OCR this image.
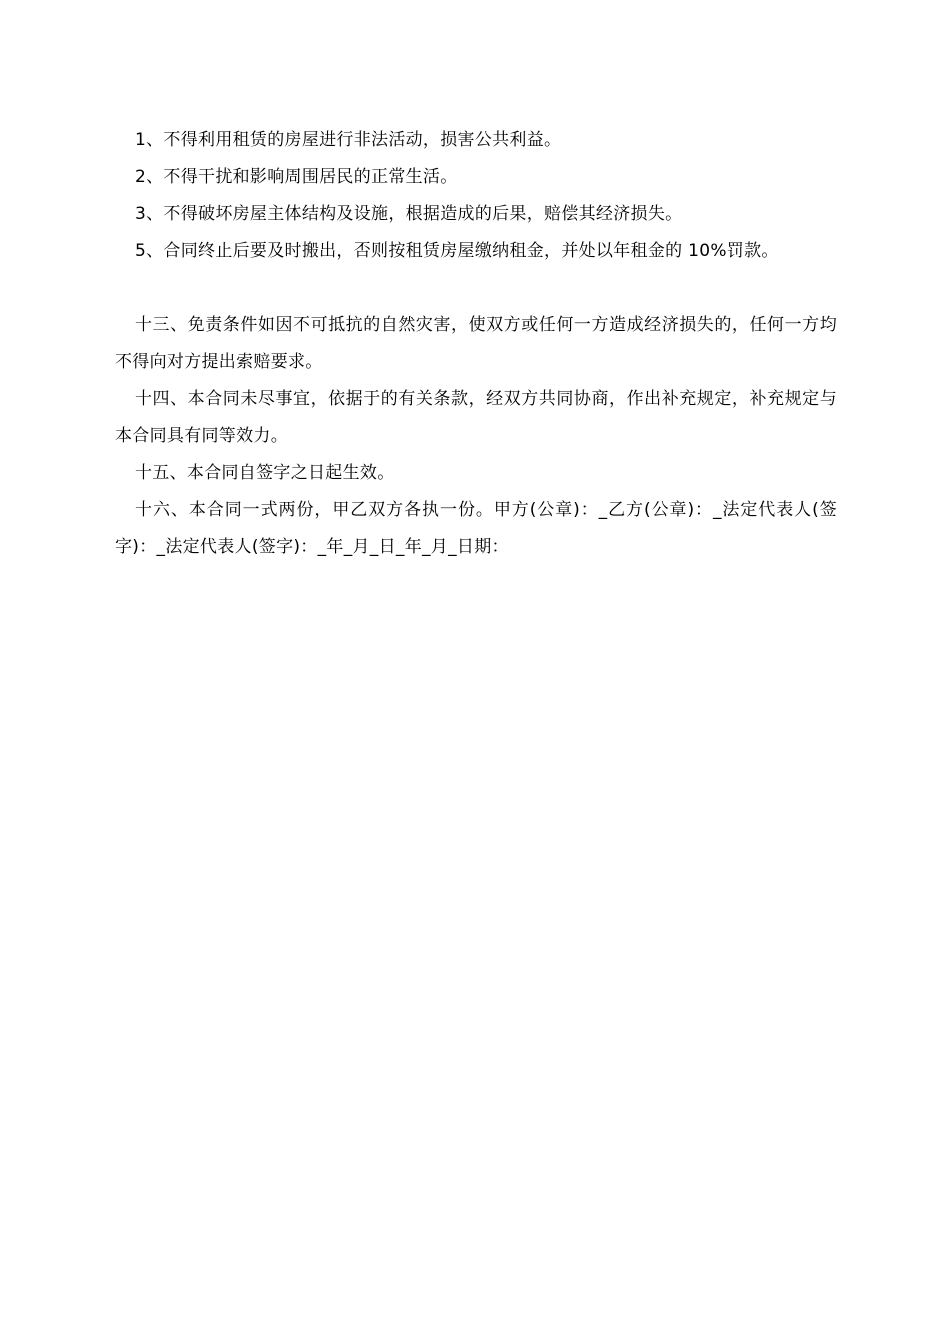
1、不得利用租赁的房屋进行非法活动，损害公共利益。

2、不得干扰和影响周围居民的正常生活。

3、不得破坏房屋主体结构及设施，根据造成的后果，赔偿其经济损失。

5、合同终止后要及时搬出，否则按租赁房屋缴纳租金，并处以年租金的 10%罚款。

十三、免责条件如因不可抵抗的自然灾害，使双方或任何一方造成经济损失的，任何一方均不得向对方提出索赔要求。

十四、本合同未尽事宜，依据于的有关条款，经双方共同协商，作出补充规定，补充规定与本合同具有同等效力。

十五、本合同自签字之日起生效。

十六、本合同一式两份，甲乙双方各执一份。甲方(公章)：_乙方(公章)：_法定代表人(签字)：_法定代表人(签字)：_年_月_日_年_月_日期：
